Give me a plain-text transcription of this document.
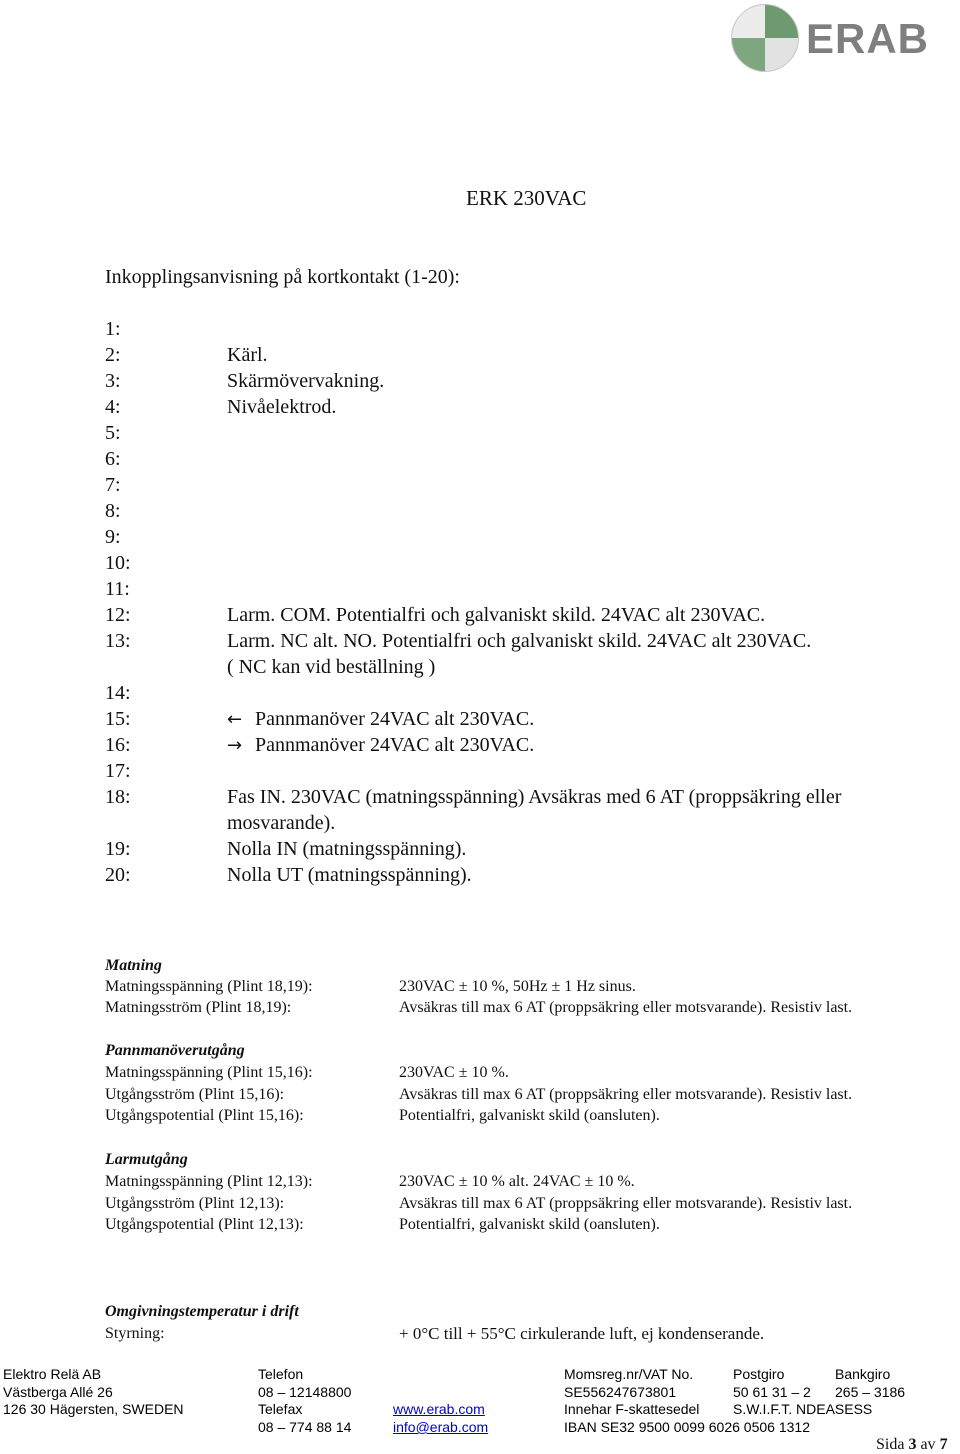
ERAB
ERK 230VAC
Inkopplingsanvisning på kortkontakt (1-20):
1:
2:	Kärl.
3:	Skärmövervakning.
4:	Nivåelektrod.
5:
6:
7:
8:
9:
10:
11:
12:	Larm. COM. Potentialfri och galvaniskt skild. 24VAC alt 230VAC.
13:	Larm. NC alt. NO. Potentialfri och galvaniskt skild. 24VAC alt 230VAC.
( NC kan vid beställning )
14:
15:	← Pannmanöver 24VAC alt 230VAC.
16:	→ Pannmanöver 24VAC alt 230VAC.
17:
18:	Fas IN. 230VAC (matningsspänning) Avsäkras med 6 AT (proppsäkring eller
mosvarande).
19:	Nolla IN (matningsspänning).
20:	Nolla UT (matningsspänning).
Matning
Matningsspänning (Plint 18,19):	230VAC ± 10 %, 50Hz ± 1 Hz sinus.
Matningsström (Plint 18,19):	Avsäkras till max 6 AT (proppsäkring eller motsvarande). Resistiv last.
Pannmanöverutgång
Matningsspänning (Plint 15,16):	230VAC ± 10 %.
Utgångsström (Plint 15,16):	Avsäkras till max 6 AT (proppsäkring eller motsvarande). Resistiv last.
Utgångspotential (Plint 15,16):	Potentialfri, galvaniskt skild (oansluten).
Larmutgång
Matningsspänning (Plint 12,13):	230VAC ± 10 % alt. 24VAC ± 10 %.
Utgångsström (Plint 12,13):	Avsäkras till max 6 AT (proppsäkring eller motsvarande). Resistiv last.
Utgångspotential (Plint 12,13):	Potentialfri, galvaniskt skild (oansluten).
Omgivningstemperatur i drift
Styrning:	+ 0°C till + 55°C cirkulerande luft, ej kondenserande.
Elektro Relä AB
Västberga Allé 26
126 30 Hägersten, SWEDEN
Telefon
08 – 12148800
Telefax
08 – 774 88 14
www.erab.com
info@erab.com
Momsreg.nr/VAT No.
SE556247673801
Innehar F-skattesedel
IBAN SE32 9500 0099 6026 0506 1312
Postgiro
50 61 31 – 2
S.W.I.F.T. NDEASESS
Bankgiro
265 – 3186
Sida 3 av 7
